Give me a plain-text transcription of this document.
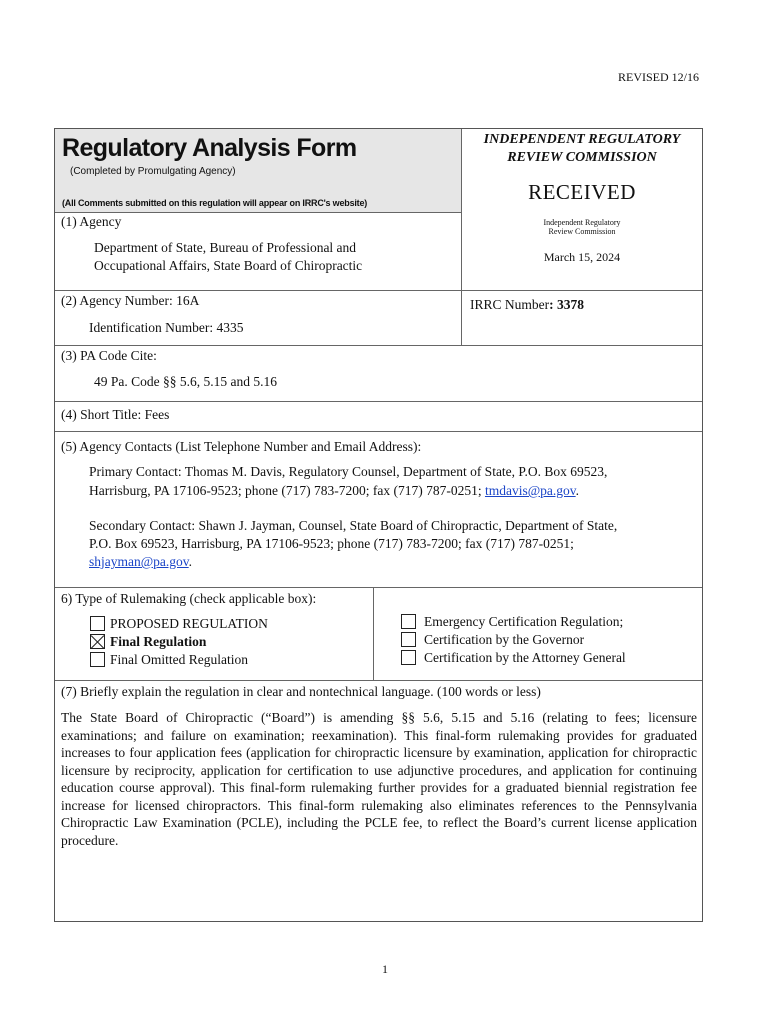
REVISED 12/16
Regulatory Analysis Form
(Completed by Promulgating Agency)
(All Comments submitted on this regulation will appear on IRRC's website)
INDEPENDENT REGULATORY
REVIEW COMMISSION
RECEIVED
Independent Regulatory
Review Commission
March 15, 2024
IRRC Number: 3378
(1) Agency
Department of State, Bureau of Professional and
Occupational Affairs, State Board of Chiropractic
(2) Agency Number: 16A
Identification Number: 4335
(3) PA Code Cite:
49 Pa. Code §§ 5.6, 5.15 and 5.16
(4) Short Title: Fees
(5) Agency Contacts (List Telephone Number and Email Address):
Primary Contact: Thomas M. Davis, Regulatory Counsel, Department of State, P.O. Box 69523,
Harrisburg, PA 17106-9523; phone (717) 783-7200; fax (717) 787-0251; tmdavis@pa.gov.
Secondary Contact: Shawn J. Jayman, Counsel, State Board of Chiropractic, Department of State,
P.O. Box 69523, Harrisburg, PA 17106-9523; phone (717) 783-7200; fax (717) 787-0251;
shjayman@pa.gov.
6) Type of Rulemaking (check applicable box):
PROPOSED REGULATION
Final Regulation
Final Omitted Regulation
Emergency Certification Regulation;
Certification by the Governor
Certification by the Attorney General
(7) Briefly explain the regulation in clear and nontechnical language. (100 words or less)
The State Board of Chiropractic (“Board”) is amending §§ 5.6, 5.15 and 5.16 (relating to fees; licensure examinations; and failure on examination; reexamination). This final-form rulemaking provides for graduated increases to four application fees (application for chiropractic licensure by examination, application for chiropractic licensure by reciprocity, application for certification to use adjunctive procedures, and application for continuing education course approval). This final-form rulemaking further provides for a graduated biennial registration fee increase for licensed chiropractors. This final-form rulemaking also eliminates references to the Pennsylvania Chiropractic Law Examination (PCLE), including the PCLE fee, to reflect the Board’s current license application procedure.
1
